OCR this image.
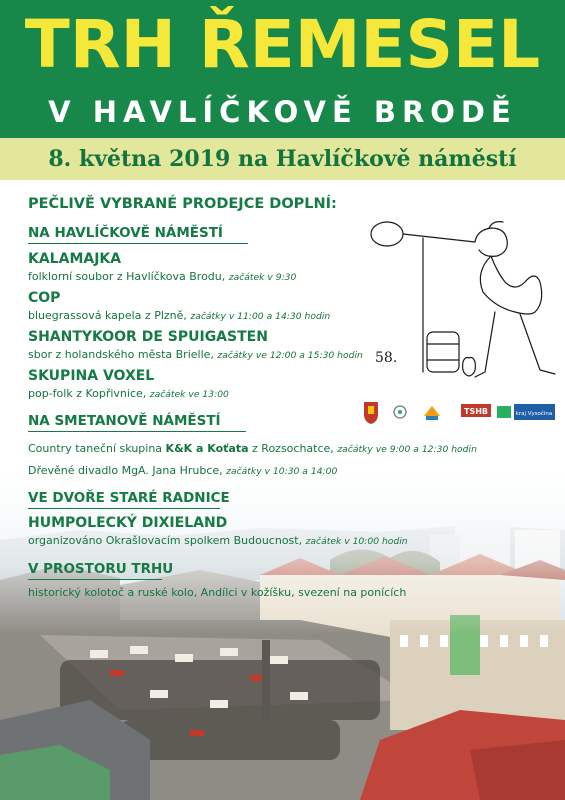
TRH ŘEMESEL
V HAVLÍČKOVĚ BRODĚ
8. května 2019 na Havlíčkově náměstí
PEČLIVĚ VYBRANÉ PRODEJCE DOPLNÍ:
NA HAVLÍČKOVĚ NÁMĚSTÍ
KALAMAJKA
folklorní soubor z Havlíčkova Brodu, začátek v 9:30
COP
bluegrassová kapela z Plzně, začátky v 11:00 a 14:30 hodin
SHANTYKOOR DE SPUIGASTEN
sbor z holandského města Brielle, začátky ve 12:00 a 15:30 hodin
SKUPINA VOXEL
pop-folk z Kopřivnice, začátek ve 13:00
NA SMETANOVĚ NÁMĚSTÍ
Country taneční skupina K&K a Koťata z Rozsochatce, začátky ve 9:00 a 12:30 hodin
Dřevěné divadlo MgA. Jana Hrubce, začátky v 10:30 a 14:00
VE DVOŘE STARÉ RADNICE
HUMPOLECKÝ DIXIELAND
organizováno Okrašlovacím spolkem Budoucnost, začátek v 10:00 hodin
V PROSTORU TRHU
historický kolotoč a ruské kolo, Andílci v kožíšku, svezení na ponících
58.
TSHB	kraj Vysočina
